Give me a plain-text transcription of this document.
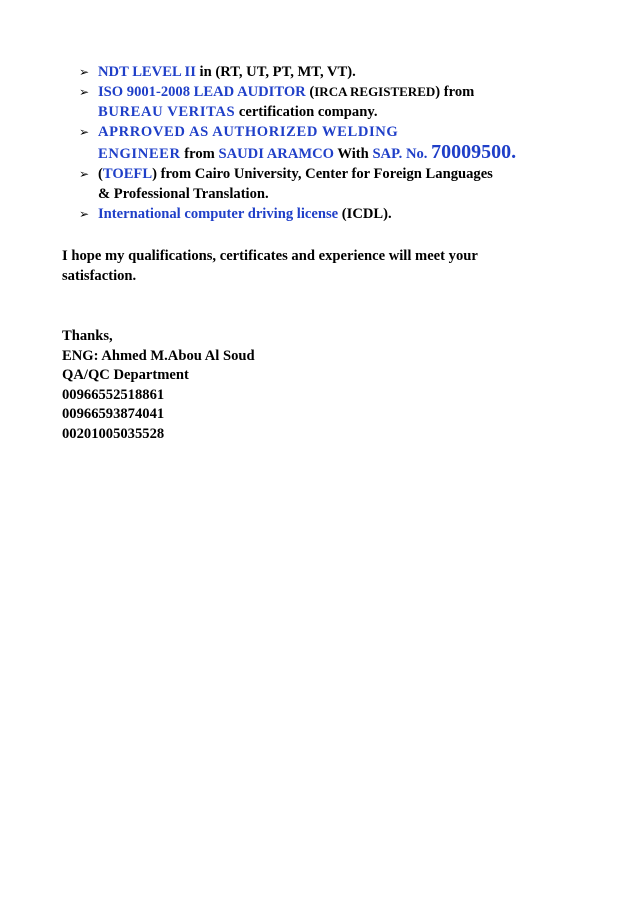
➢ NDT LEVEL II in (RT, UT, PT, MT, VT).
➢ ISO 9001-2008 LEAD AUDITOR (IRCA REGISTERED) from
BUREAU VERITAS certification company.
➢ APRROVED AS AUTHORIZED WELDING
ENGINEER from SAUDI ARAMCO With SAP. No. 70009500.
➢ (TOEFL) from Cairo University, Center for Foreign Languages
& Professional Translation.
➢ International computer driving license (ICDL).

I hope my qualifications, certificates and experience will meet your
satisfaction.

Thanks,
ENG: Ahmed M.Abou Al Soud
QA/QC Department
00966552518861
00966593874041
00201005035528
